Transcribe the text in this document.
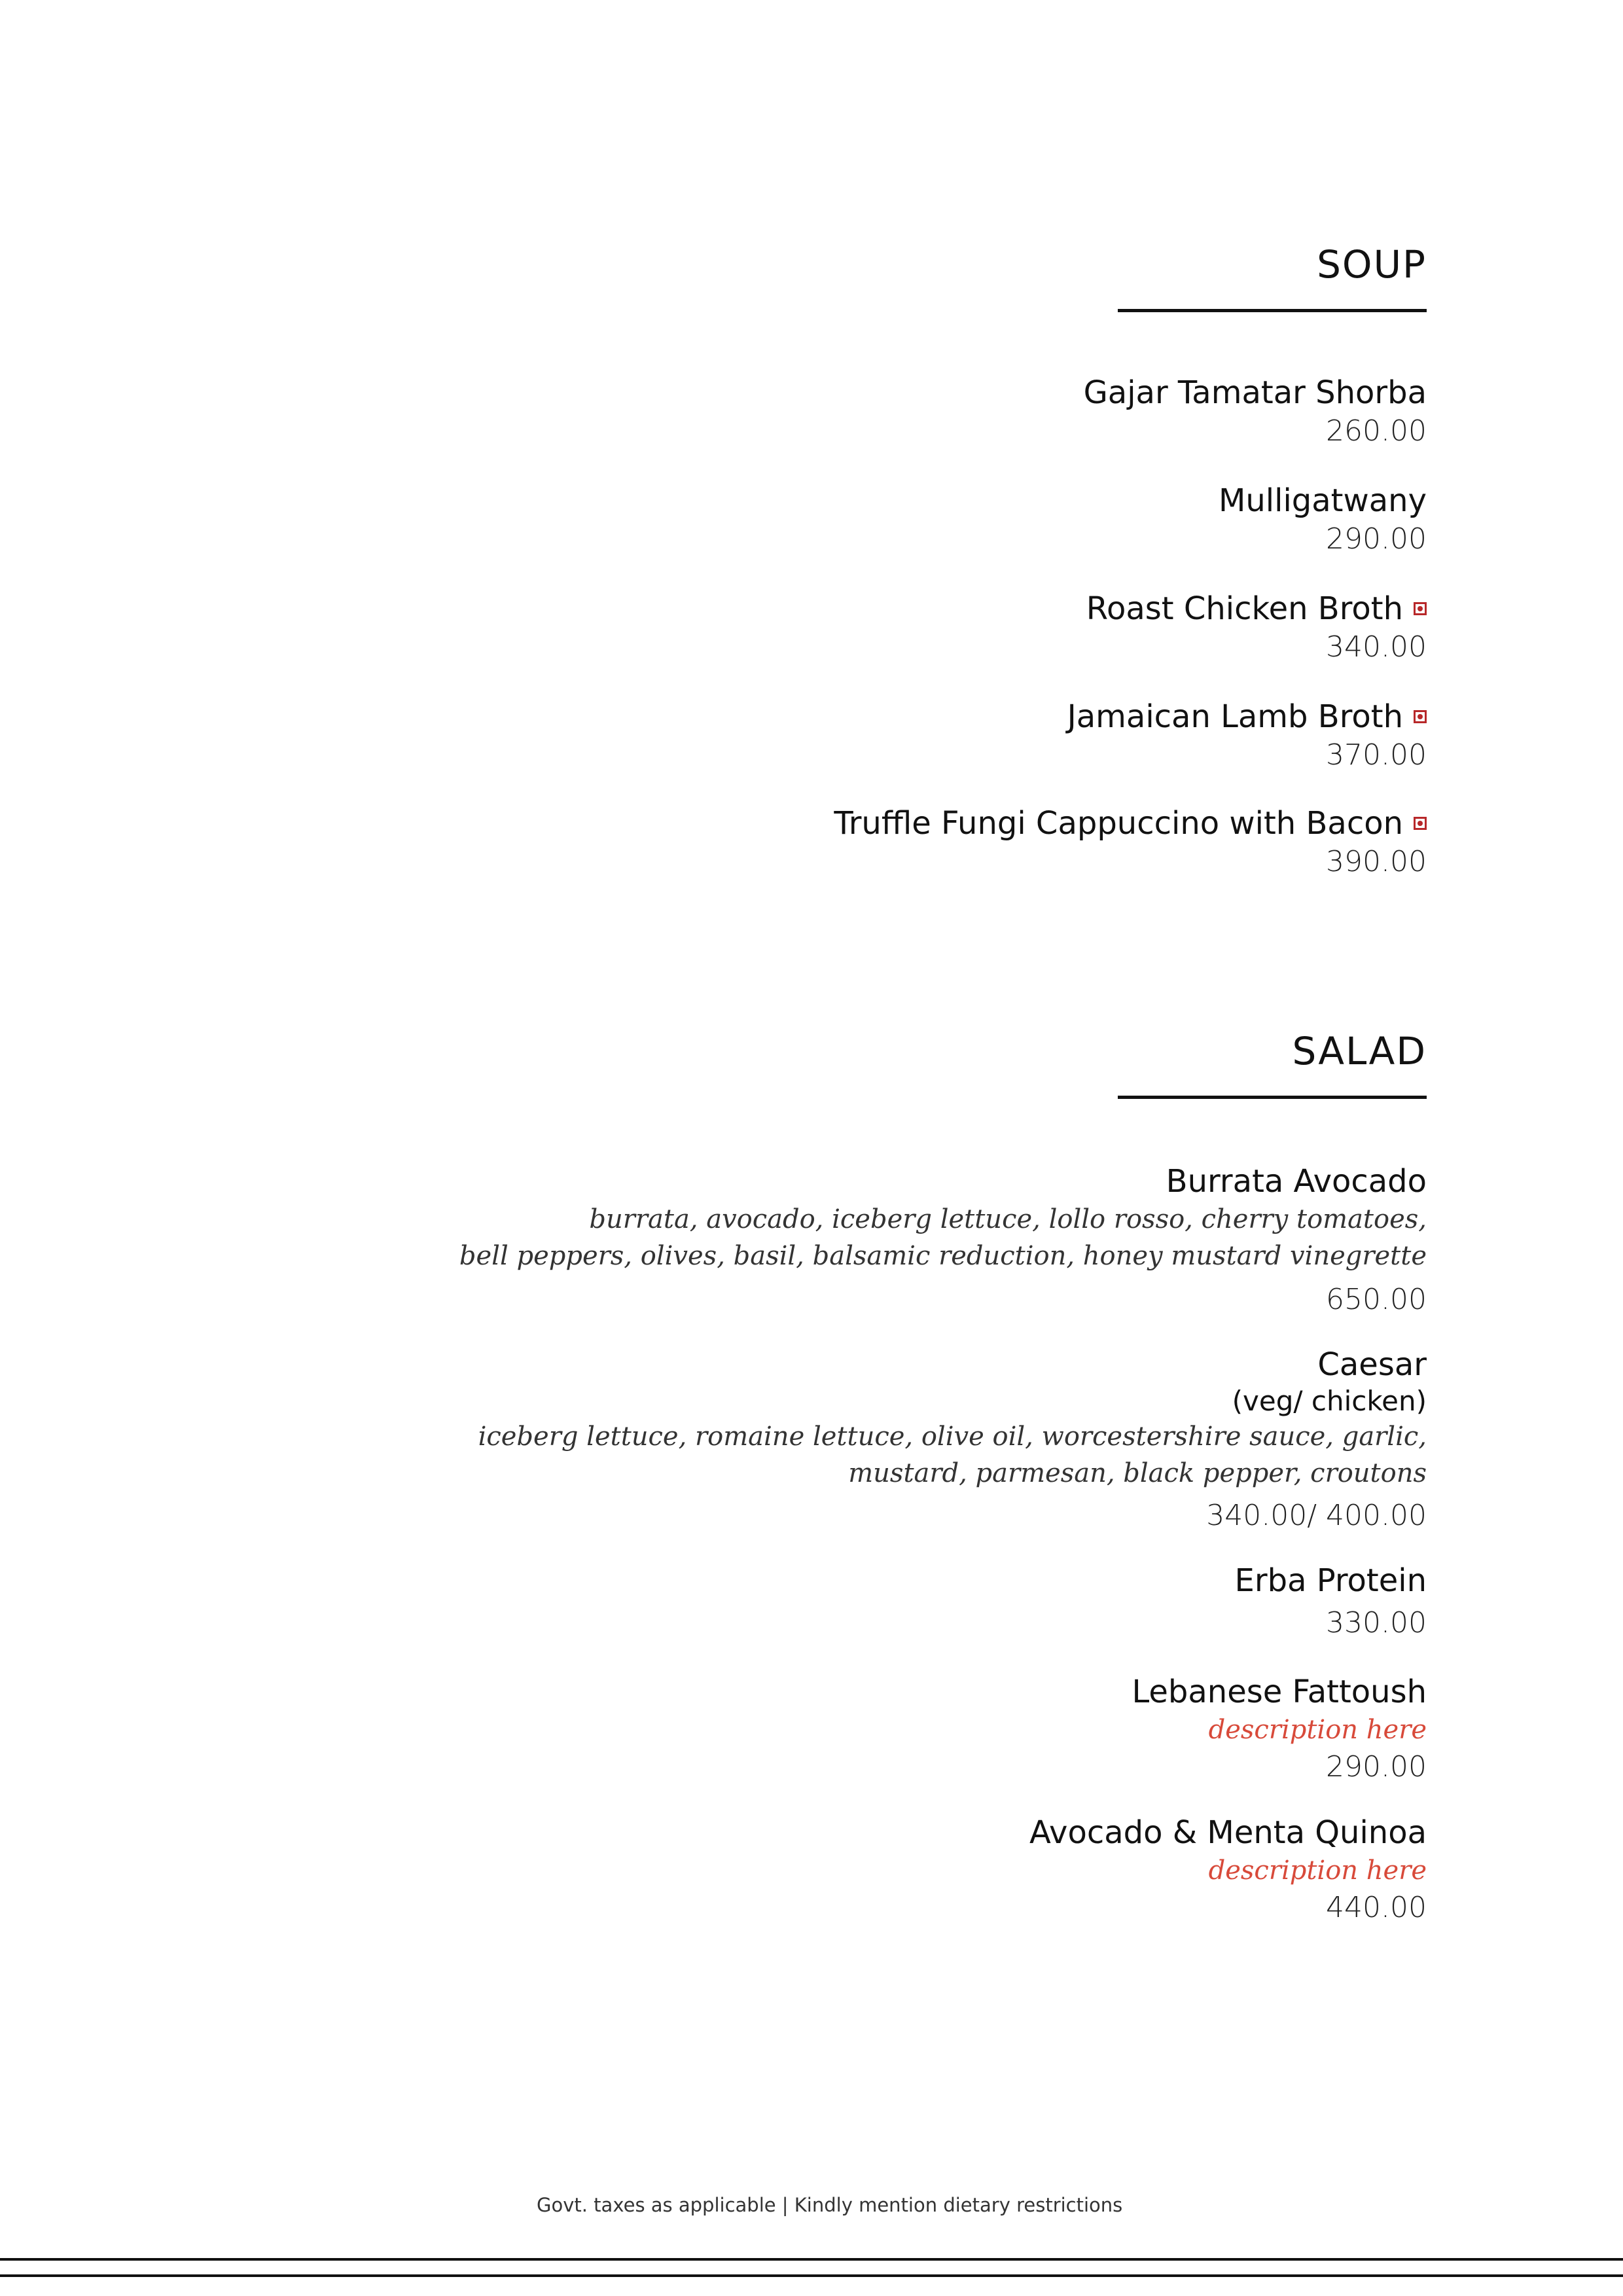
SOUP
Gajar Tamatar Shorba
260.00
Mulligatwany
290.00
Roast Chicken Broth
340.00
Jamaican Lamb Broth
370.00
Truffle Fungi Cappuccino with Bacon
390.00
SALAD
Burrata Avocado
burrata, avocado, iceberg lettuce, lollo rosso, cherry tomatoes,
bell peppers, olives, basil, balsamic reduction, honey mustard vinegrette
650.00
Caesar
(veg/ chicken)
iceberg lettuce, romaine lettuce, olive oil, worcestershire sauce, garlic,
mustard, parmesan, black pepper, croutons
340.00/ 400.00
Erba Protein
330.00
Lebanese Fattoush
description here
290.00
Avocado & Menta Quinoa
description here
440.00
Govt. taxes as applicable | Kindly mention dietary restrictions
